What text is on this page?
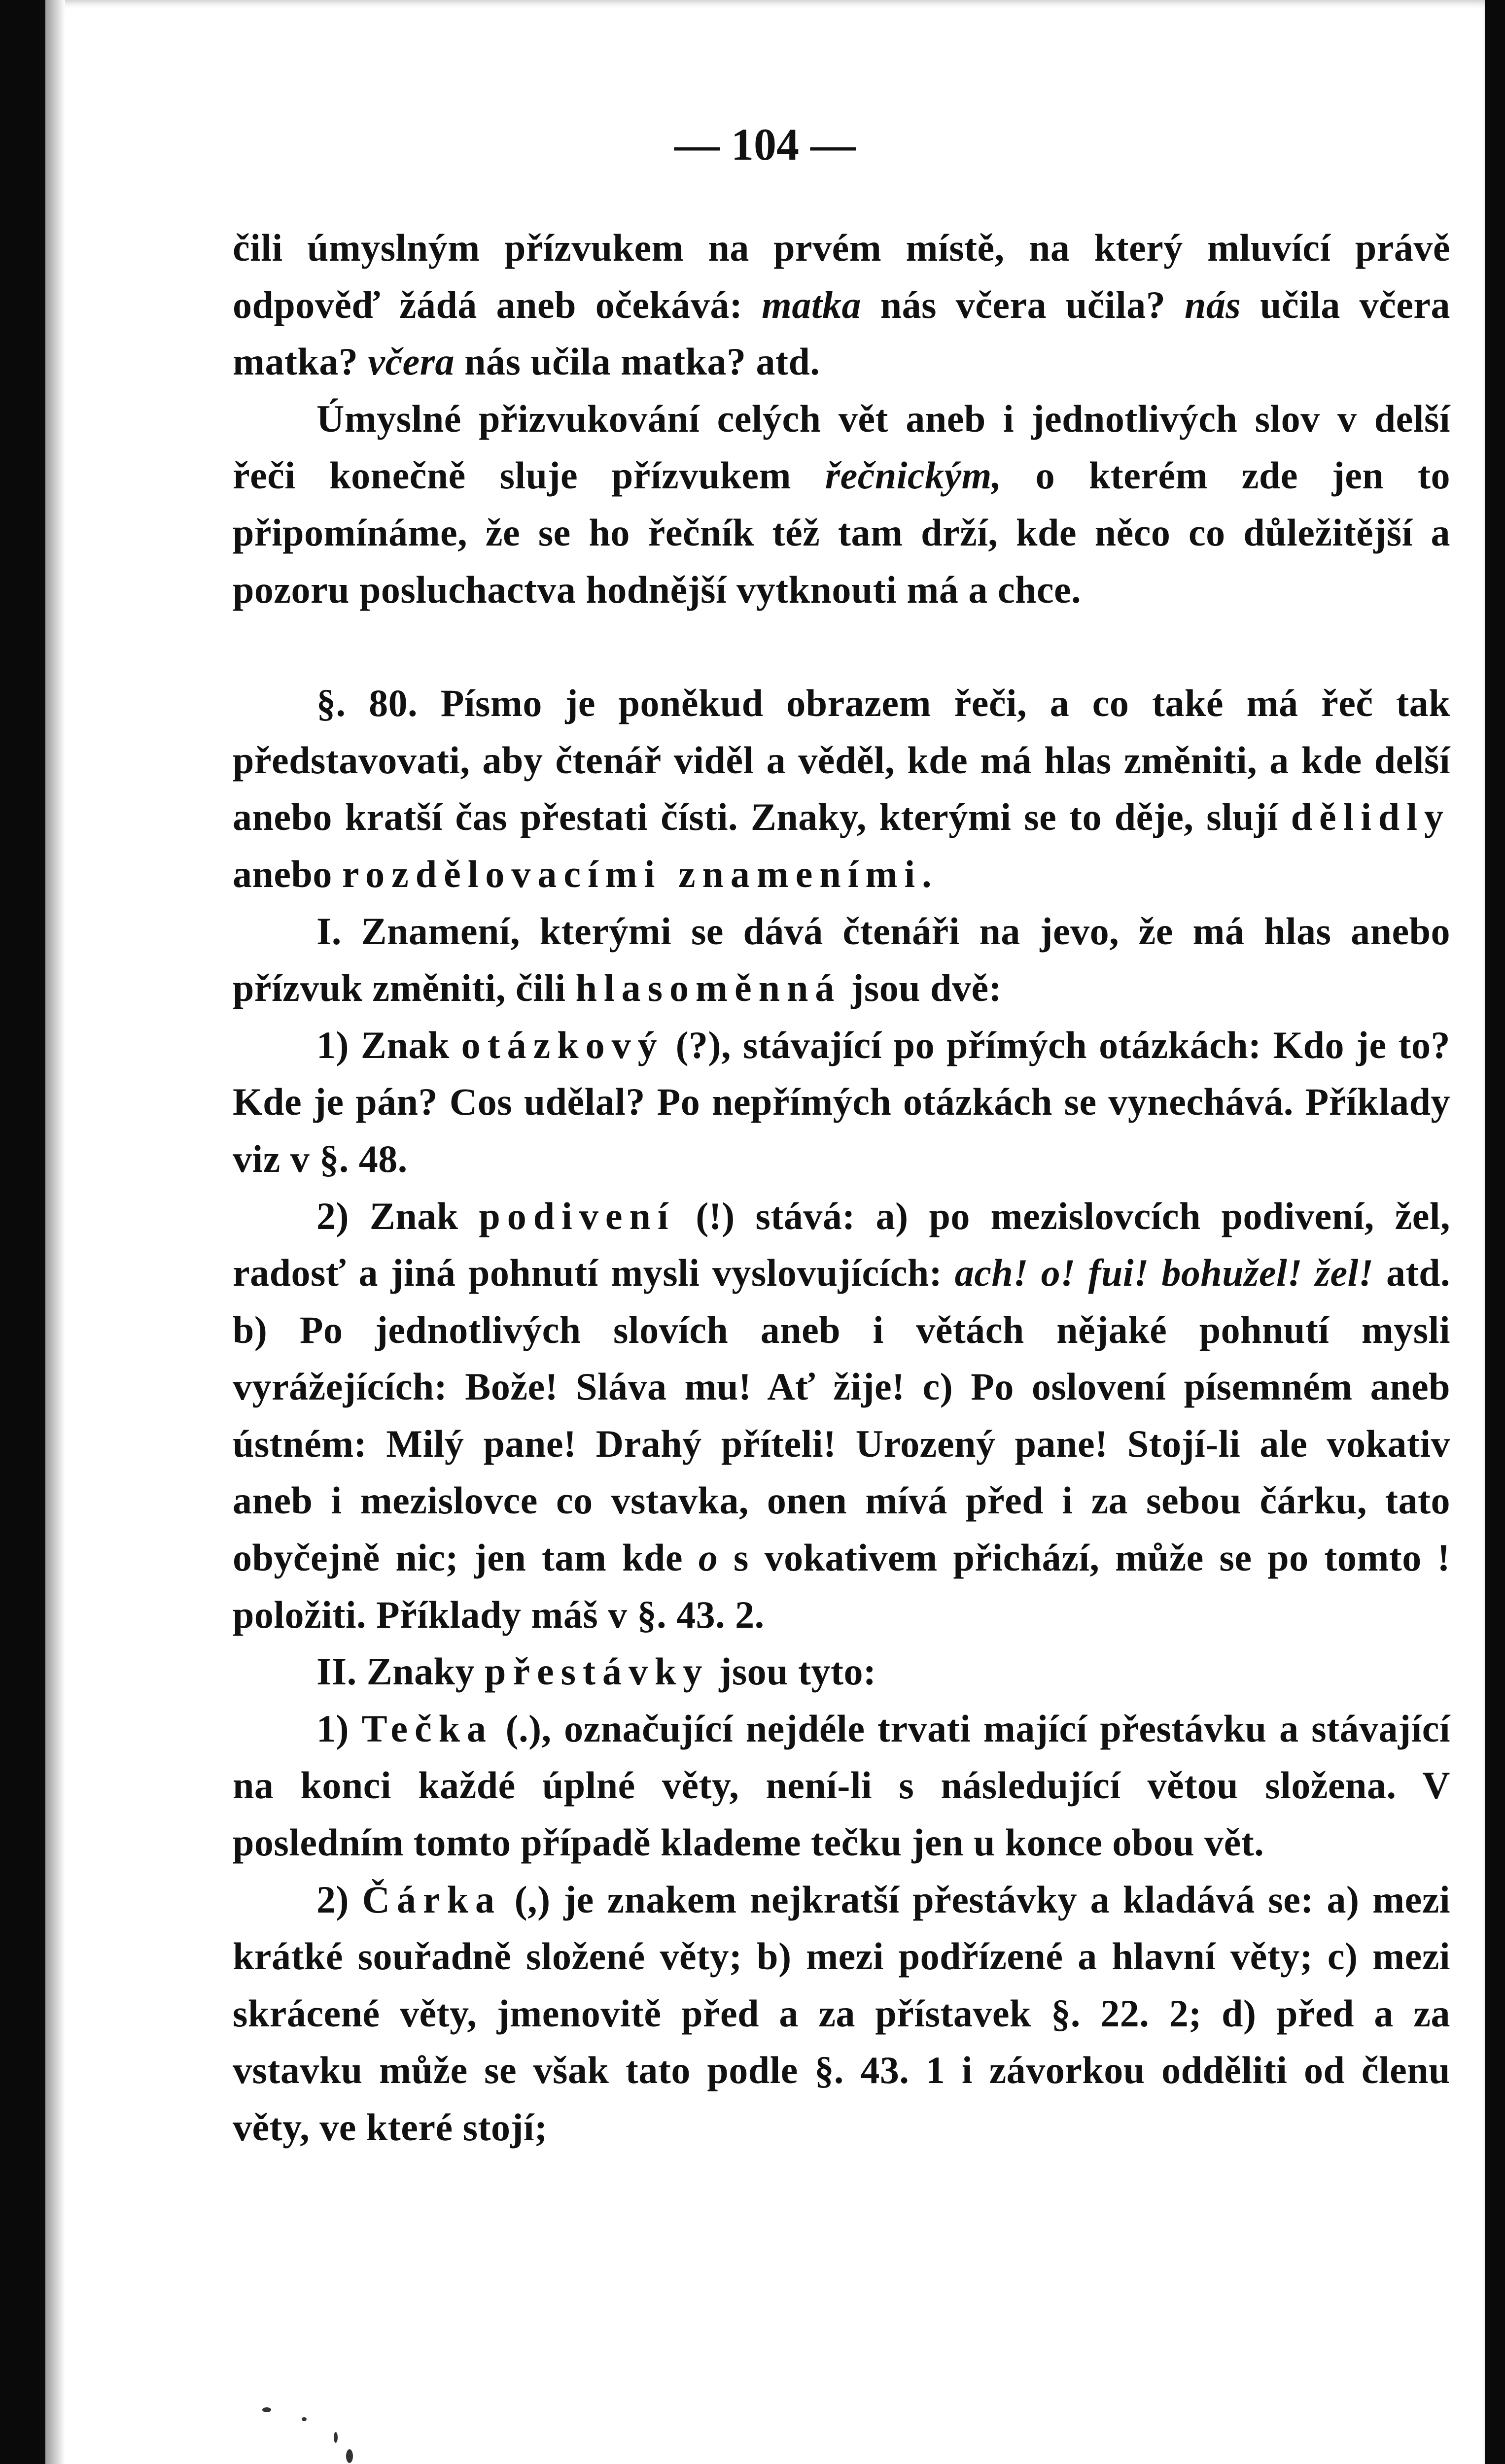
— 104 —

čili úmyslným přízvukem na prvém místě, na který mluvící právě odpověď žádá aneb očekává: matka nás včera učila? nás učila včera matka? včera nás učila matka? atd.

Úmyslné přizvukování celých vět aneb i jednotlivých slov v delší řeči konečně sluje přízvukem řečnickým, o kterém zde jen to připomínáme, že se ho řečník též tam drží, kde něco co důležitější a pozoru posluchactva hodnější vytknouti má a chce.

§. 80. Písmo je poněkud obrazem řeči, a co také má řeč tak představovati, aby čtenář viděl a věděl, kde má hlas změniti, a kde delší anebo kratší čas přestati čísti. Znaky, kterými se to děje, slují dělidly anebo rozdělovacími znameními.

I. Znamení, kterými se dává čtenáři na jevo, že má hlas anebo přízvuk změniti, čili hlasoměnná jsou dvě:

1) Znak otázkový (?), stávající po přímých otázkách: Kdo je to? Kde je pán? Cos udělal? Po nepřímých otázkách se vynechává. Příklady viz v §. 48.

2) Znak podivení (!) stává: a) po mezislovcích podivení, žel, radosť a jiná pohnutí mysli vyslovujících: ach! o! fui! bohužel! žel! atd. b) Po jednotlivých slovích aneb i větách nějaké pohnutí mysli vyrážejících: Bože! Sláva mu! Ať žije! c) Po oslovení písemném aneb ústném: Milý pane! Drahý příteli! Urozený pane! Stojí-li ale vokativ aneb i mezislovce co vstavka, onen mívá před i za sebou čárku, tato obyčejně nic; jen tam kde o s vokativem přichází, může se po tomto ! položiti. Příklady máš v §. 43. 2.

II. Znaky přestávky jsou tyto:

1) Tečka (.), označující nejdéle trvati mající přestávku a stávající na konci každé úplné věty, není-li s následující větou složena. V posledním tomto případě klademe tečku jen u konce obou vět.

2) Čárka (,) je znakem nejkratší přestávky a kladává se: a) mezi krátké souřadně složené věty; b) mezi podřízené a hlavní věty; c) mezi skrácené věty, jmenovitě před a za přístavek §. 22. 2; d) před a za vstavku může se však tato podle §. 43. 1 i závorkou odděliti od členu věty, ve které stojí;
